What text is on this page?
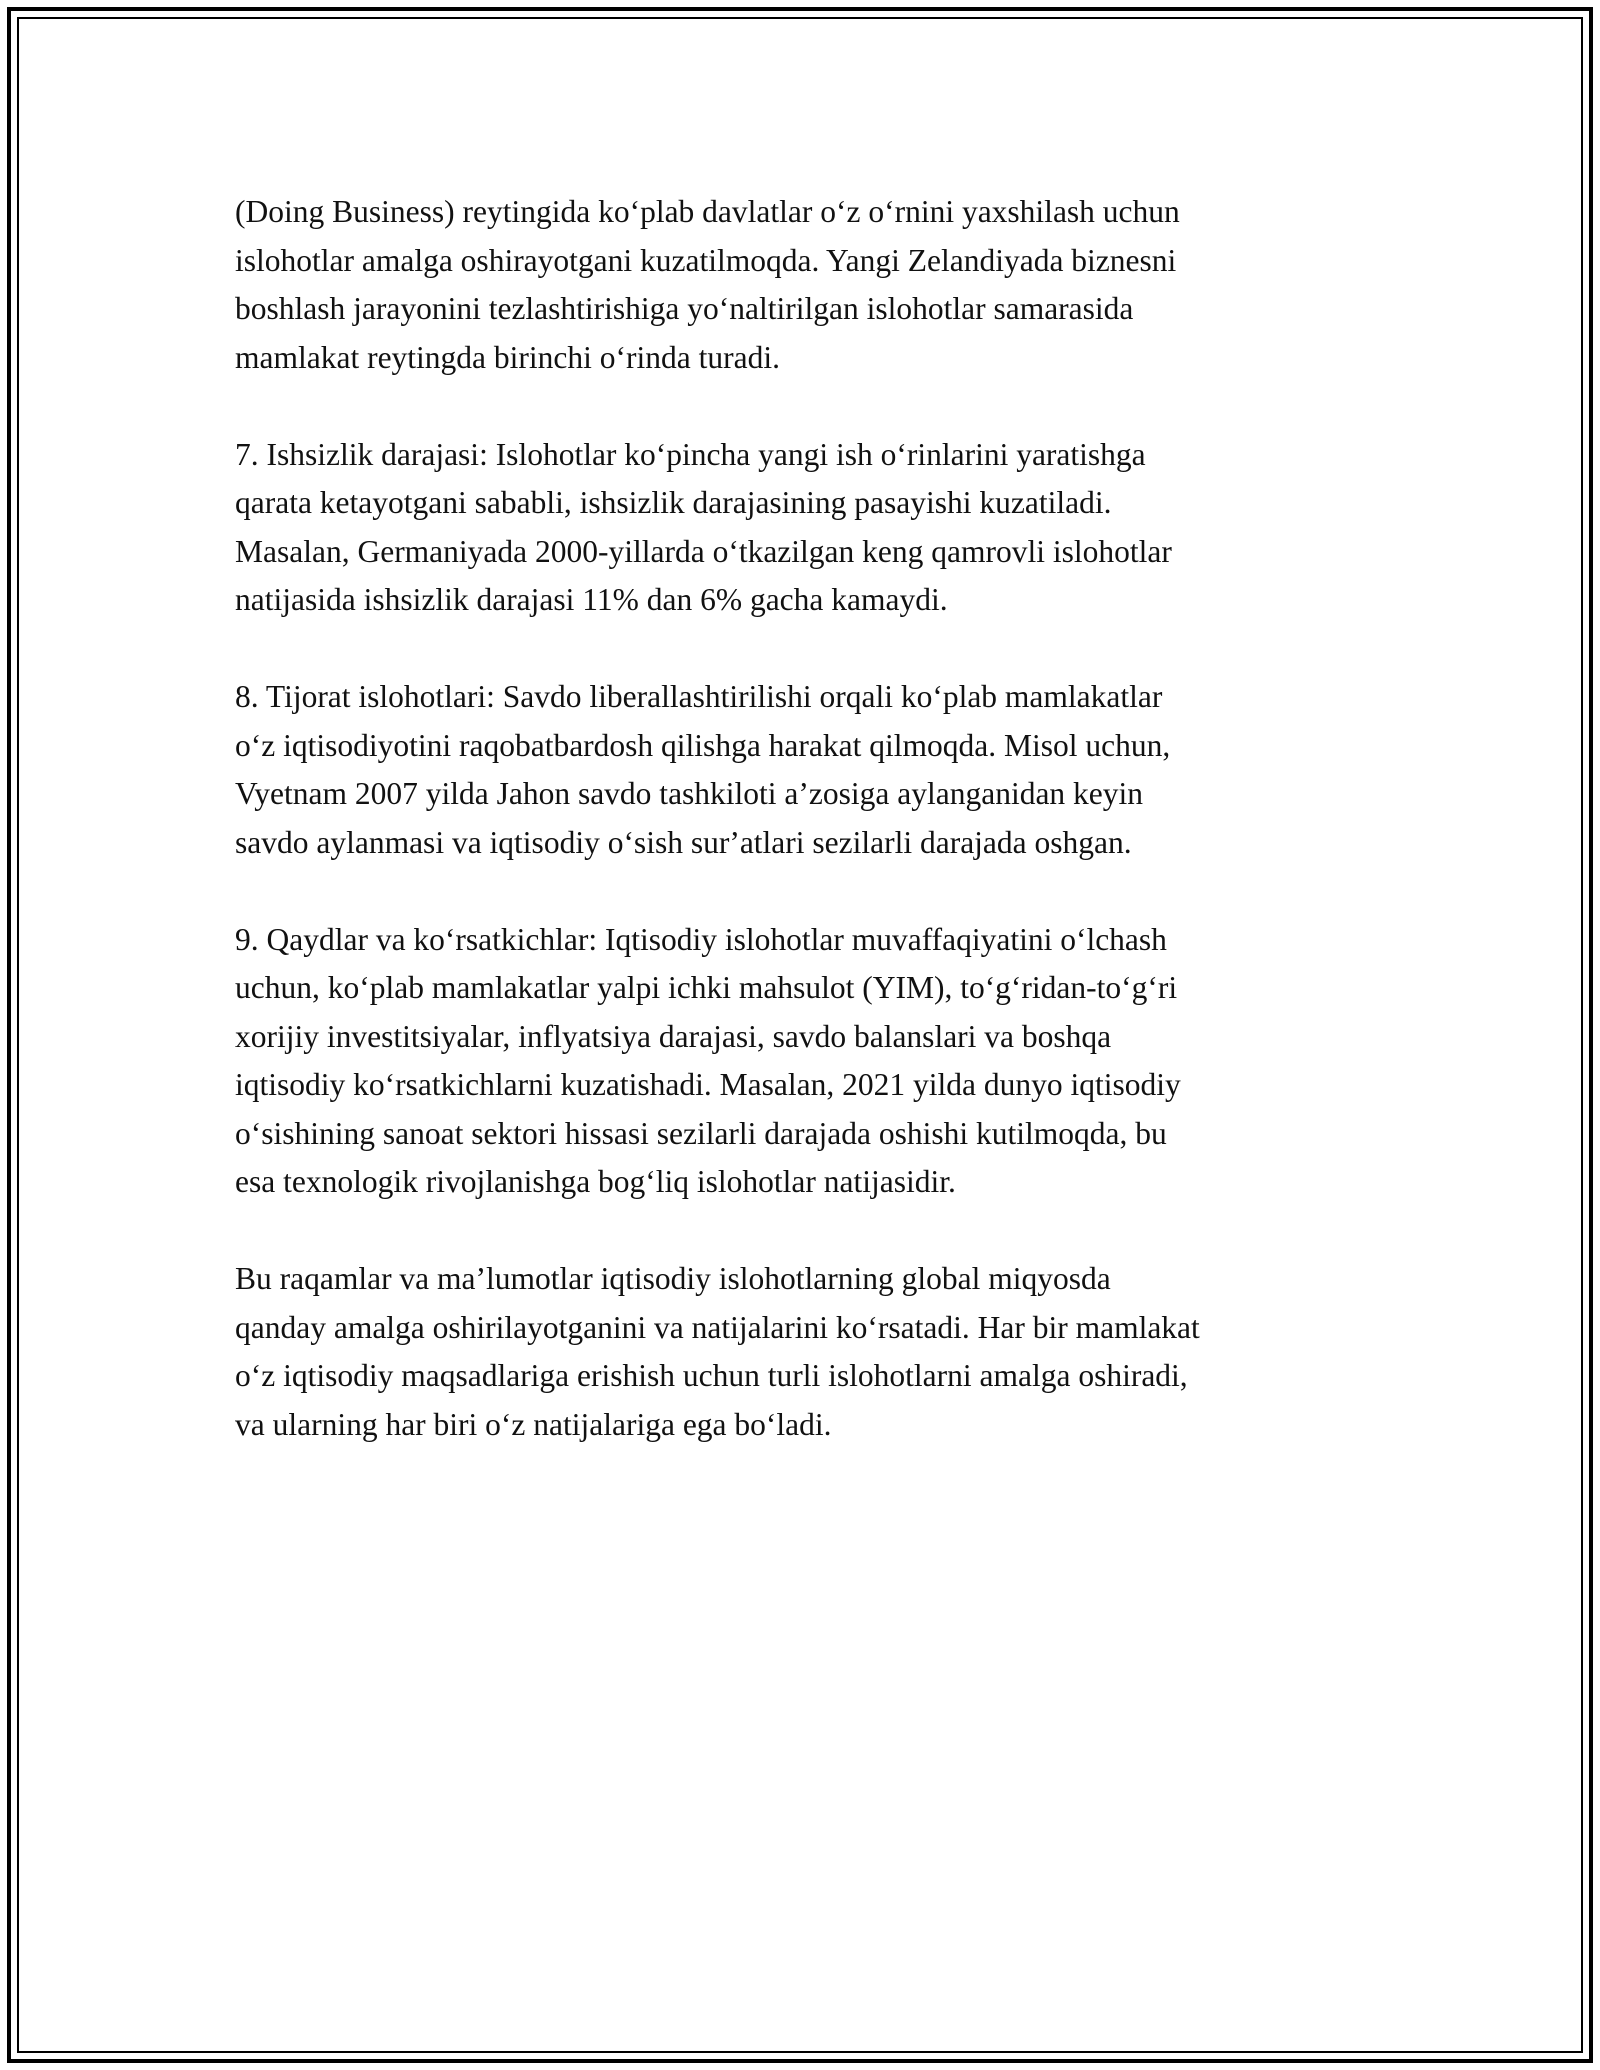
(Doing Business) reytingida koʻplab davlatlar oʻz oʻrnini yaxshilash uchun
islohotlar amalga oshirayotgani kuzatilmoqda. Yangi Zelandiyada biznesni
boshlash jarayonini tezlashtirishiga yoʻnaltirilgan islohotlar samarasida
mamlakat reytingda birinchi oʻrinda turadi.

7. Ishsizlik darajasi: Islohotlar koʻpincha yangi ish oʻrinlarini yaratishga
qarata ketayotgani sababli, ishsizlik darajasining pasayishi kuzatiladi.
Masalan, Germaniyada 2000-yillarda oʻtkazilgan keng qamrovli islohotlar
natijasida ishsizlik darajasi 11% dan 6% gacha kamaydi.

8. Tijorat islohotlari: Savdo liberallashtirilishi orqali koʻplab mamlakatlar
oʻz iqtisodiyotini raqobatbardosh qilishga harakat qilmoqda. Misol uchun,
Vyetnam 2007 yilda Jahon savdo tashkiloti aʼzosiga aylanganidan keyin
savdo aylanmasi va iqtisodiy oʻsish surʼatlari sezilarli darajada oshgan.

9. Qaydlar va koʻrsatkichlar: Iqtisodiy islohotlar muvaffaqiyatini oʻlchash
uchun, koʻplab mamlakatlar yalpi ichki mahsulot (YIM), toʻgʻridan-toʻgʻri
xorijiy investitsiyalar, inflyatsiya darajasi, savdo balanslari va boshqa
iqtisodiy koʻrsatkichlarni kuzatishadi. Masalan, 2021 yilda dunyo iqtisodiy
oʻsishining sanoat sektori hissasi sezilarli darajada oshishi kutilmoqda, bu
esa texnologik rivojlanishga bogʻliq islohotlar natijasidir.

Bu raqamlar va maʼlumotlar iqtisodiy islohotlarning global miqyosda
qanday amalga oshirilayotganini va natijalarini koʻrsatadi. Har bir mamlakat
oʻz iqtisodiy maqsadlariga erishish uchun turli islohotlarni amalga oshiradi,
va ularning har biri oʻz natijalariga ega boʻladi.
